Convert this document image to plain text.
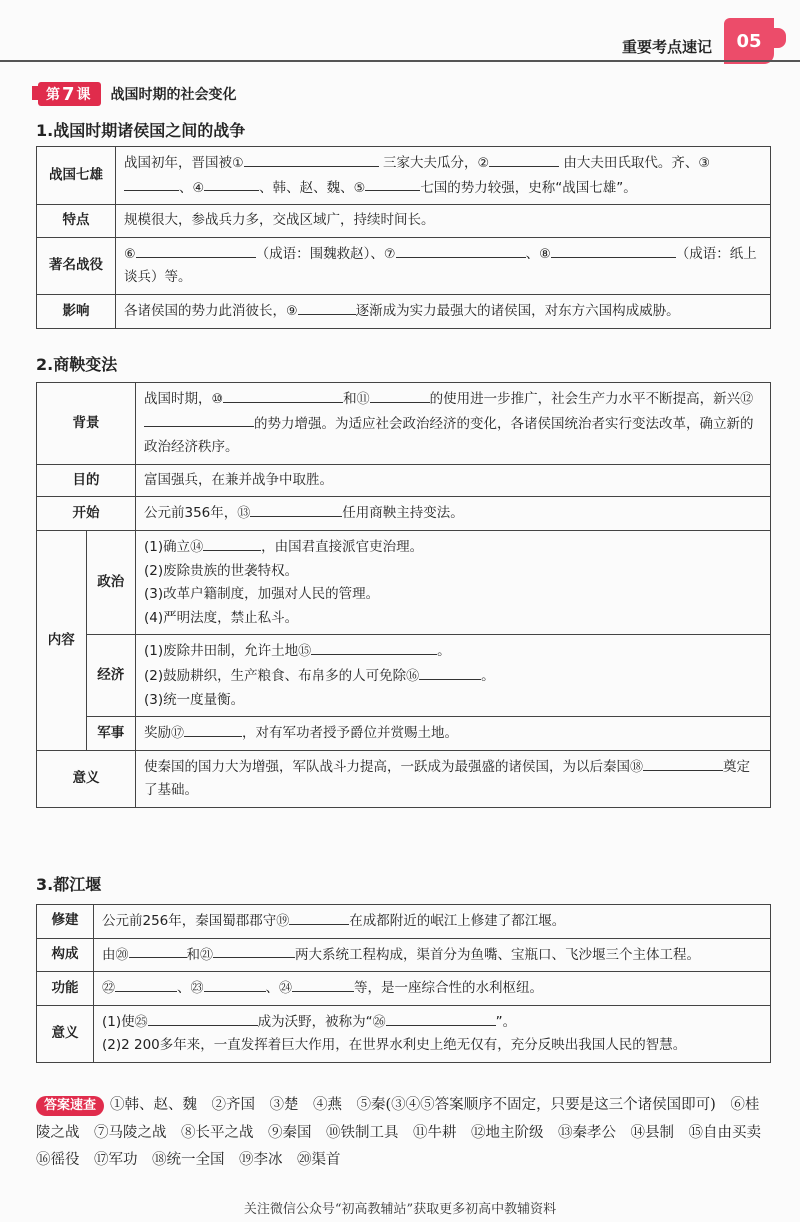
重要考点速记	05
第 7 课 战国时期的社会变化
1.战国时期诸侯国之间的战争
战国七雄	战国初年，晋国被① 三家大夫瓜分，② 由大夫田氏取代。齐、③、④ 、韩、赵、魏、⑤ 七国的势力较强，史称“战国七雄”。
特点	规模很大，参战兵力多，交战区域广，持续时间长。
著名战役	⑥ （成语：围魏救赵）、⑦ 、⑧ （成语：纸上谈兵）等。
影响	各诸侯国的势力此消彼长，⑨ 逐渐成为实力最强大的诸侯国，对东方六国构成威胁。
2.商鞅变法
背景		战国时期，⑩ 和⑪ 的使用进一步推广，社会生产力水平不断提高，新兴⑫的势力增强。为适应社会政治经济的变化，各诸侯国统治者实行变法改革，确立新的政治经济秩序。
目的		富国强兵，在兼并战争中取胜。
开始		公元前356年，⑬ 任用商鞅主持变法。
内容	政治	(1)确立⑭ ，由国君直接派官吏治理。
(2)废除贵族的世袭特权。
(3)改革户籍制度，加强对人民的管理。
(4)严明法度，禁止私斗。

	经济	(1)废除井田制，允许土地⑮ 。
(2)鼓励耕织，生产粮食、布帛多的人可免除⑯ 。
(3)统一度量衡。

	军事	奖励⑰ ，对有军功者授予爵位并赏赐土地。
意义		使秦国的国力大为增强，军队战斗力提高，一跃成为最强盛的诸侯国，为以后秦国⑱ 奠定了基础。
3.都江堰
修建	公元前256年，秦国蜀郡郡守⑲ 在成都附近的岷江上修建了都江堰。
构成	由⑳ 和㉑ 两大系统工程构成，渠首分为鱼嘴、宝瓶口、飞沙堰三个主体工程。
功能	㉒ 、㉓ 、㉔ 等，是一座综合性的水利枢纽。
意义	(1)使㉕ 成为沃野，被称为“㉖ ”。
(2)2 200多年来，一直发挥着巨大作用，在世界水利史上绝无仅有，充分反映出我国人民的智慧。
答案速查 ①韩、赵、魏　②齐国　③楚　④燕　⑤秦(③④⑤答案顺序不固定，只要是这三个诸侯国即可)　⑥桂陵之战　⑦马陵之战　⑧长平之战　⑨秦国　⑩铁制工具　⑪牛耕　⑫地主阶级　⑬秦孝公　⑭县制　⑮自由买卖　⑯徭役　⑰军功　⑱统一全国　⑲李冰　⑳渠首
关注微信公众号“初高教辅站”获取更多初高中教辅资料
